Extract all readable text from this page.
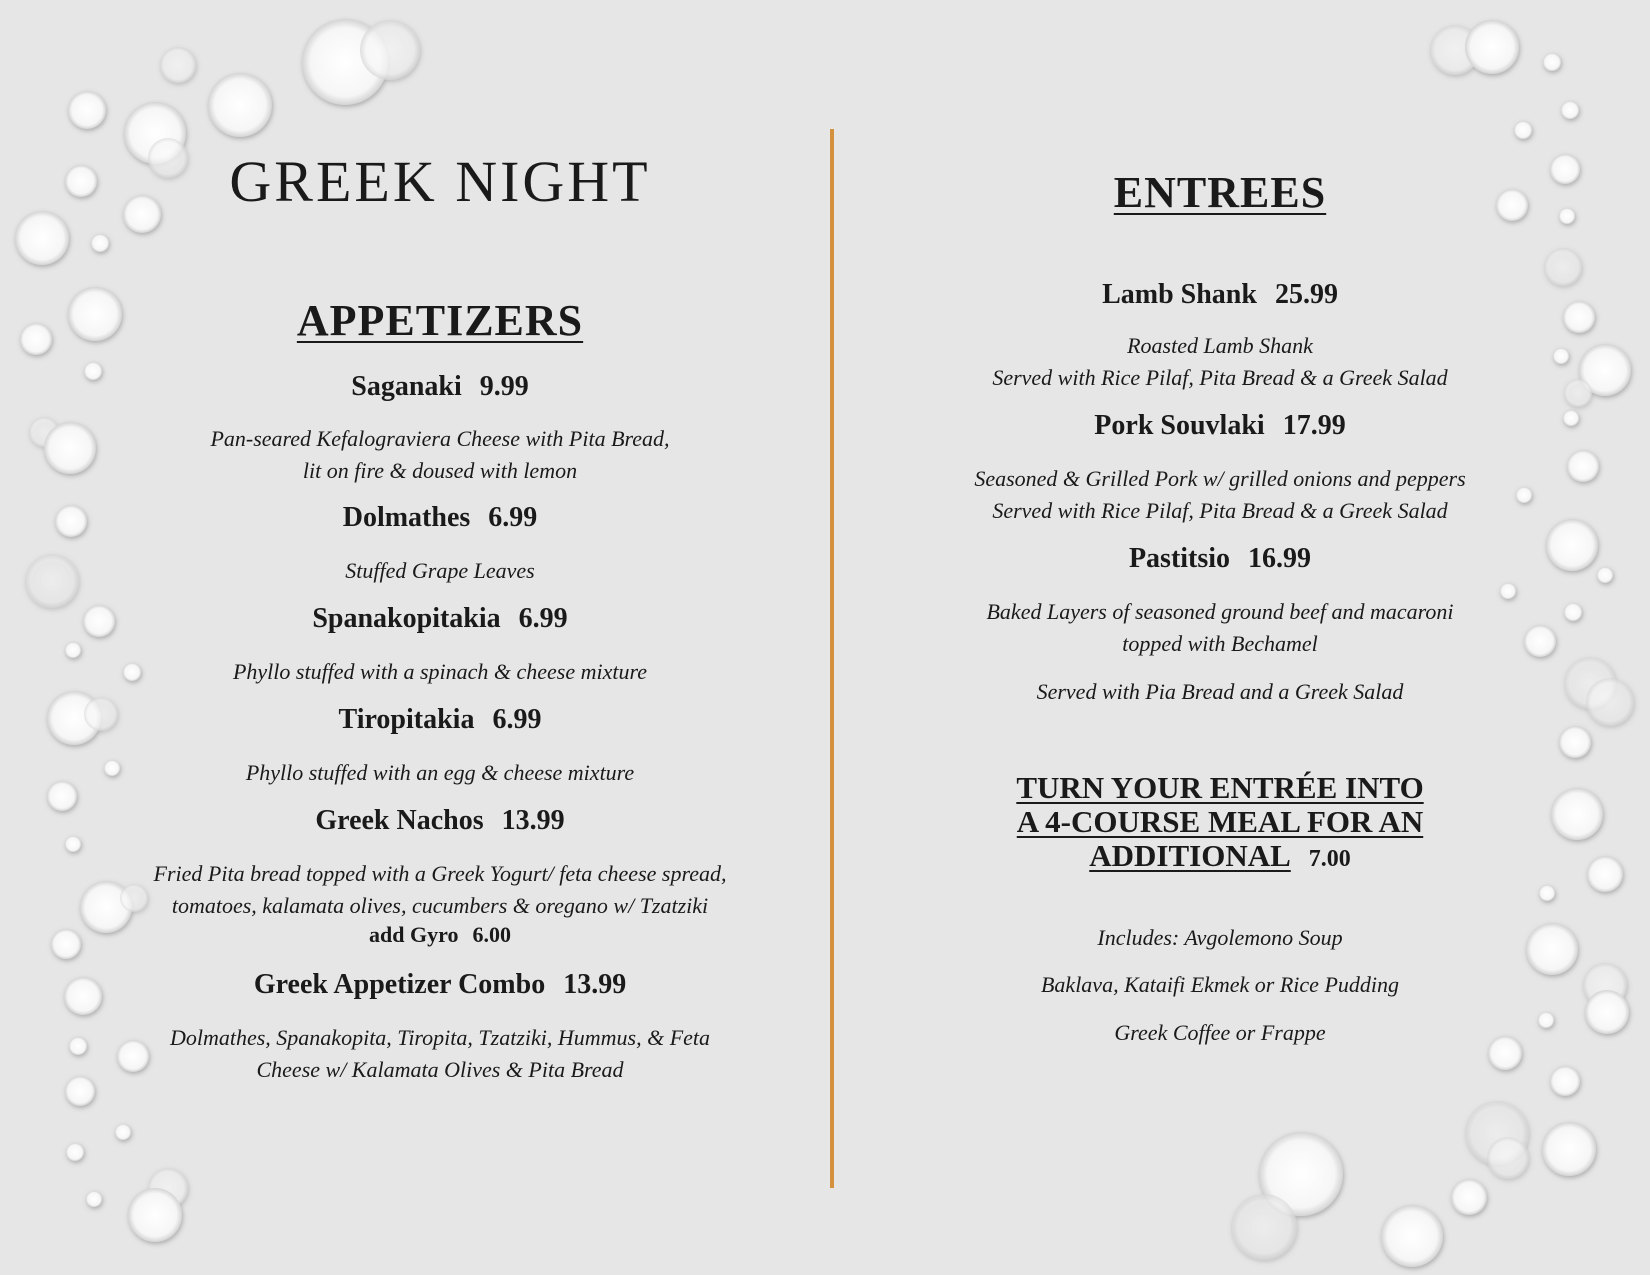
GREEK NIGHT
APPETIZERS
Saganaki 9.99
Pan-seared Kefalograviera Cheese with Pita Bread,
lit on fire & doused with lemon
Dolmathes 6.99
Stuffed Grape Leaves
Spanakopitakia 6.99
Phyllo stuffed with a spinach & cheese mixture
Tiropitakia 6.99
Phyllo stuffed with an egg & cheese mixture
Greek Nachos 13.99
Fried Pita bread topped with a Greek Yogurt/ feta cheese spread,
tomatoes, kalamata olives, cucumbers & oregano w/ Tzatziki
add Gyro 6.00
Greek Appetizer Combo 13.99
Dolmathes, Spanakopita, Tiropita, Tzatziki, Hummus, & Feta
Cheese w/ Kalamata Olives & Pita Bread
ENTREES
Lamb Shank 25.99
Roasted Lamb Shank
Served with Rice Pilaf, Pita Bread & a Greek Salad
Pork Souvlaki 17.99
Seasoned & Grilled Pork w/ grilled onions and peppers
Served with Rice Pilaf, Pita Bread & a Greek Salad
Pastitsio 16.99
Baked Layers of seasoned ground beef and macaroni
topped with Bechamel
Served with Pia Bread and a Greek Salad
TURN YOUR ENTRÉE INTO
A 4-COURSE MEAL FOR AN
ADDITIONAL 7.00
Includes: Avgolemono Soup
Baklava, Kataifi Ekmek or Rice Pudding
Greek Coffee or Frappe
